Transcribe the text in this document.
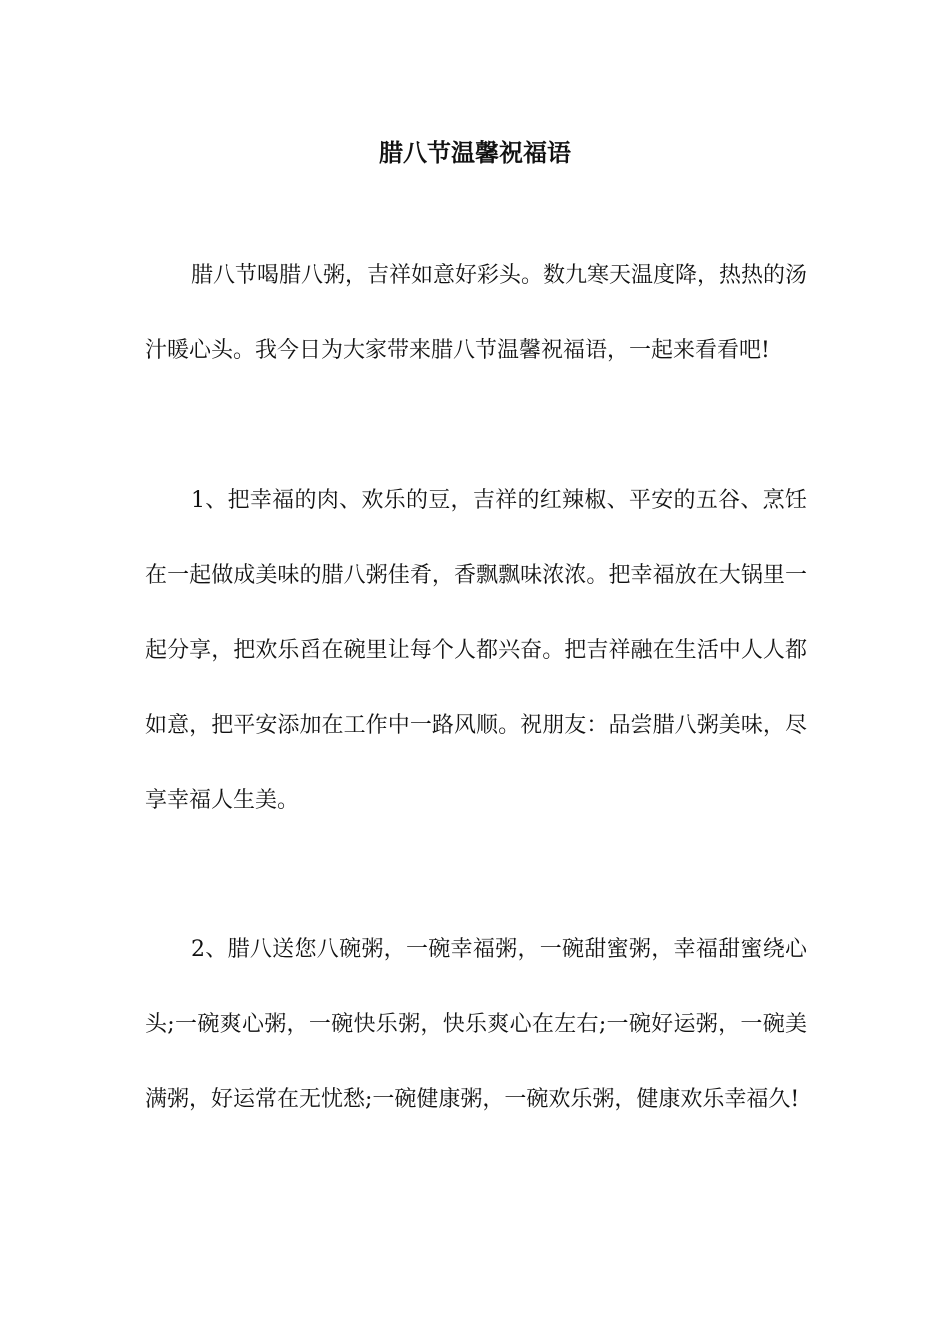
腊八节温馨祝福语

腊八节喝腊八粥，吉祥如意好彩头。数九寒天温度降，热热的汤汁暖心头。我今日为大家带来腊八节温馨祝福语，一起来看看吧!

1、把幸福的肉、欢乐的豆，吉祥的红辣椒、平安的五谷、烹饪在一起做成美味的腊八粥佳肴，香飘飘味浓浓。把幸福放在大锅里一起分享，把欢乐舀在碗里让每个人都兴奋。把吉祥融在生活中人人都如意，把平安添加在工作中一路风顺。祝朋友：品尝腊八粥美味，尽享幸福人生美。

2、腊八送您八碗粥，一碗幸福粥，一碗甜蜜粥，幸福甜蜜绕心头;一碗爽心粥，一碗快乐粥，快乐爽心在左右;一碗好运粥，一碗美满粥，好运常在无忧愁;一碗健康粥，一碗欢乐粥，健康欢乐幸福久!
